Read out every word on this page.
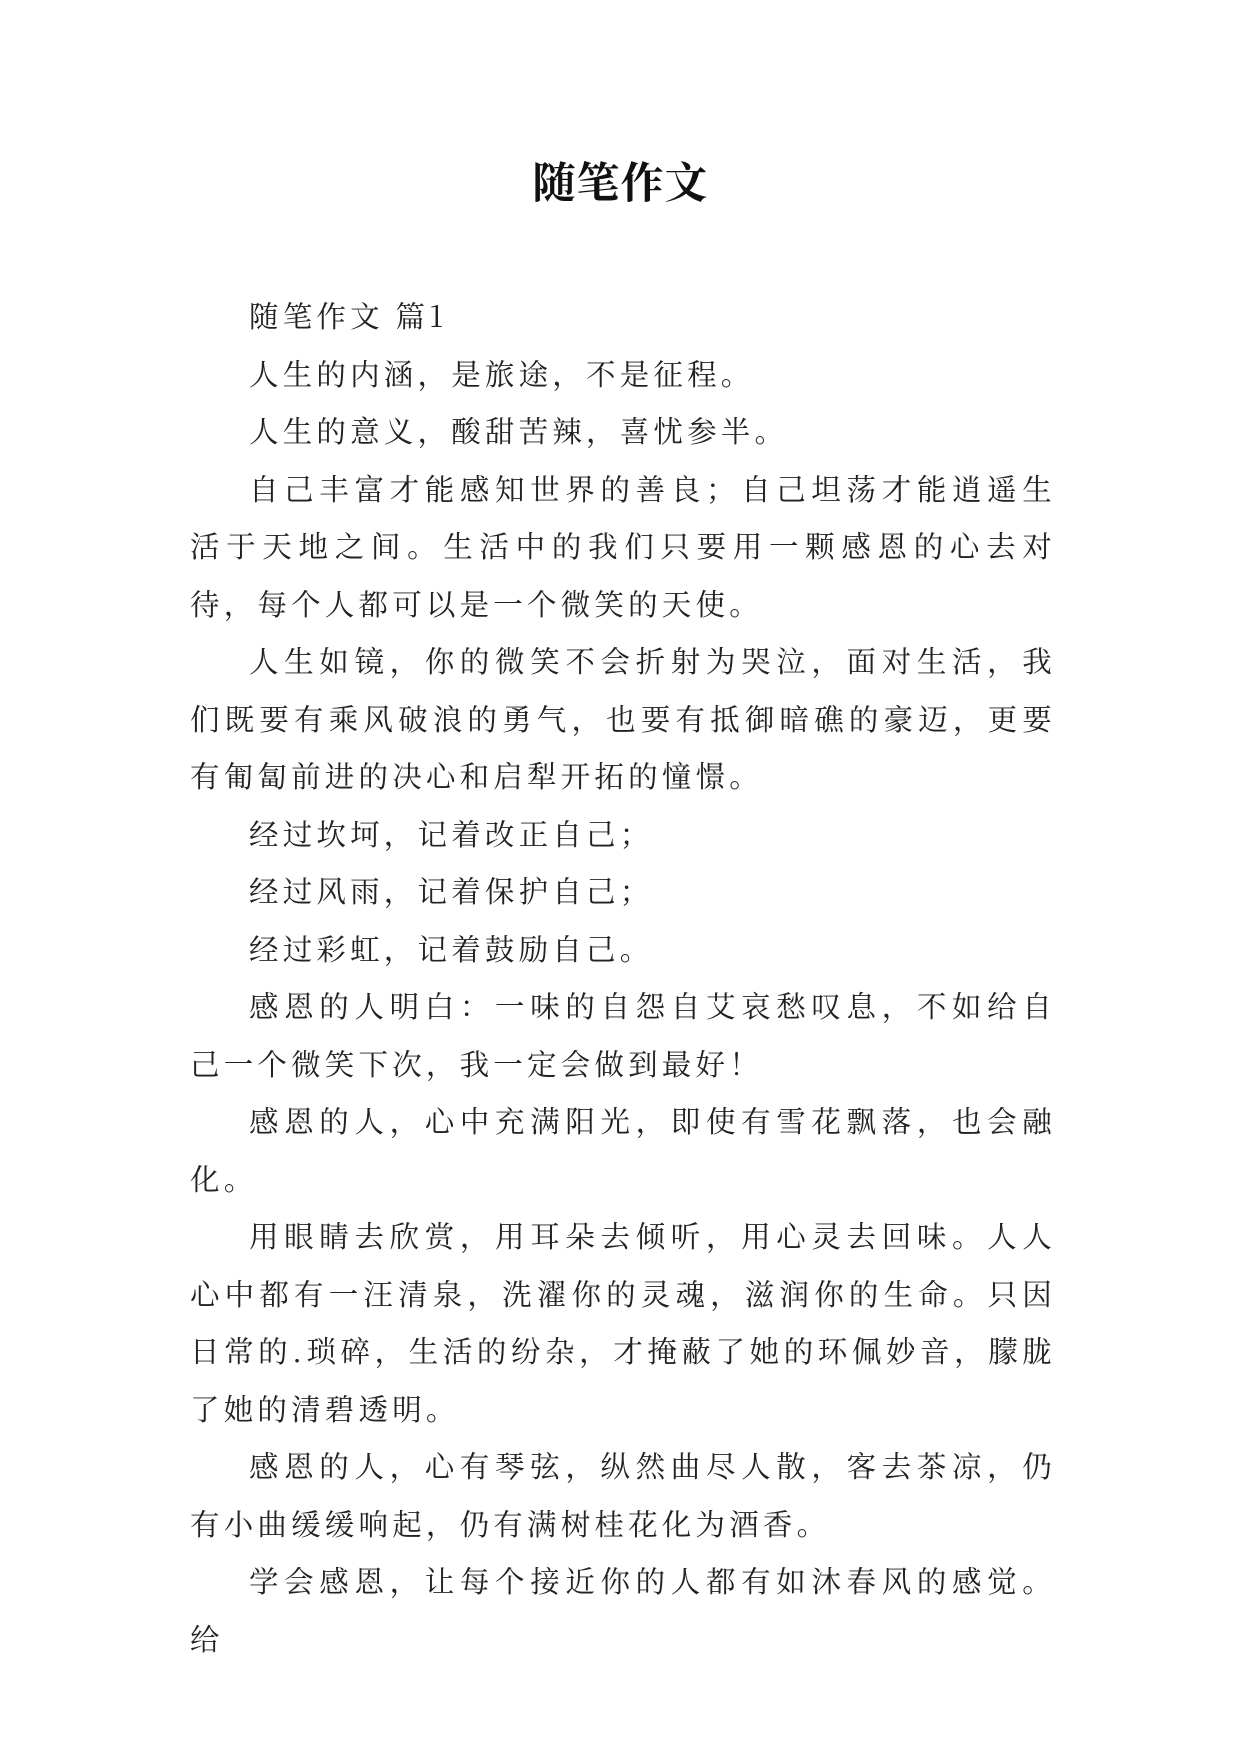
随笔作文

随笔作文 篇1

人生的内涵，是旅途，不是征程。

人生的意义，酸甜苦辣，喜忧参半。

自己丰富才能感知世界的善良；自己坦荡才能逍遥生活于天地之间。生活中的我们只要用一颗感恩的心去对待，每个人都可以是一个微笑的天使。

人生如镜，你的微笑不会折射为哭泣，面对生活，我们既要有乘风破浪的勇气，也要有抵御暗礁的豪迈，更要有匍匐前进的决心和启犁开拓的憧憬。

经过坎坷，记着改正自己；

经过风雨，记着保护自己；

经过彩虹，记着鼓励自己。

感恩的人明白：一味的自怨自艾哀愁叹息，不如给自己一个微笑下次，我一定会做到最好！

感恩的人，心中充满阳光，即使有雪花飘落，也会融化。

用眼睛去欣赏，用耳朵去倾听，用心灵去回味。人人心中都有一汪清泉，洗濯你的灵魂，滋润你的生命。只因日常的.琐碎，生活的纷杂，才掩蔽了她的环佩妙音，朦胧了她的清碧透明。

感恩的人，心有琴弦，纵然曲尽人散，客去茶凉，仍有小曲缓缓响起，仍有满树桂花化为酒香。

学会感恩，让每个接近你的人都有如沐春风的感觉。给
